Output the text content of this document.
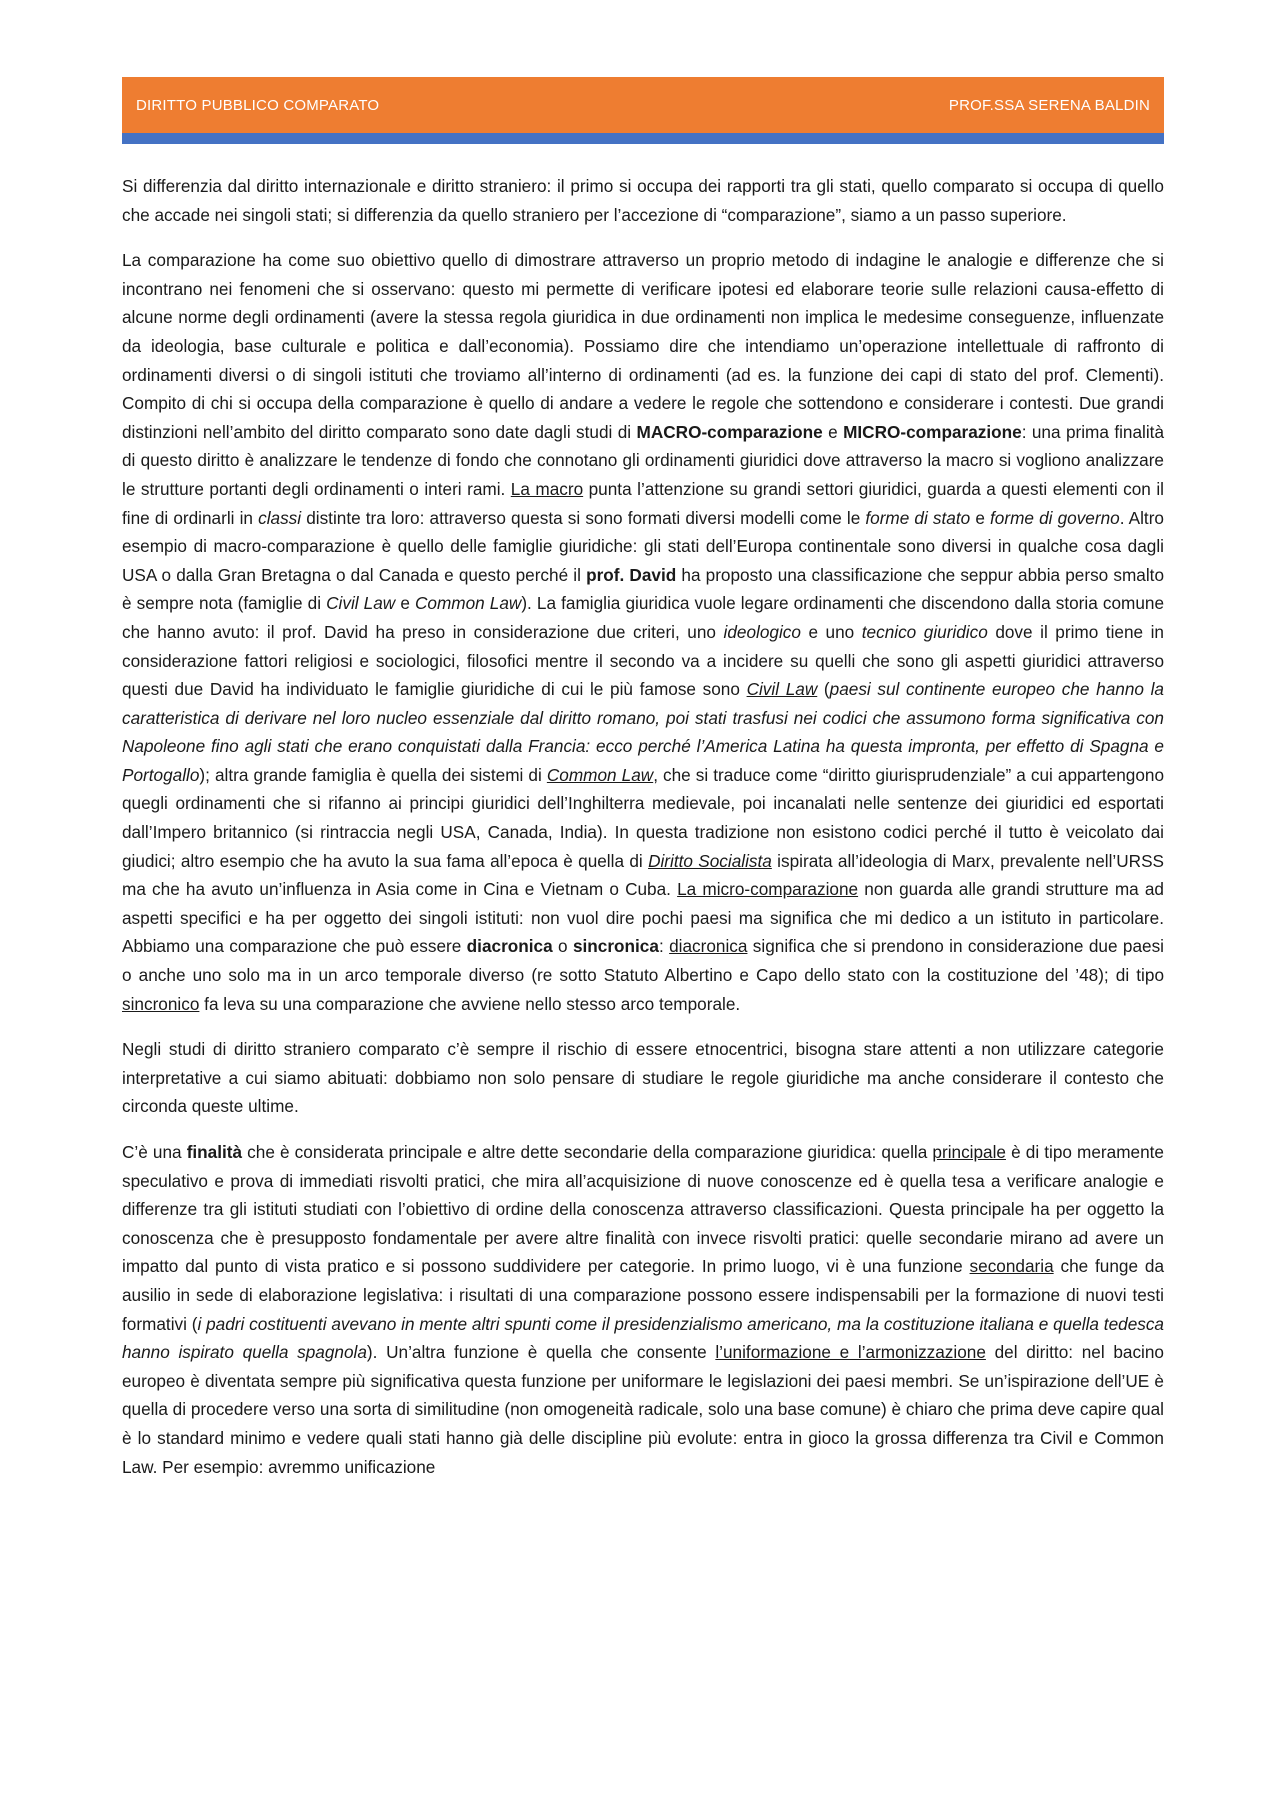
DIRITTO PUBBLICO COMPARATO	PROF.SSA SERENA BALDIN

Si differenzia dal diritto internazionale e diritto straniero: il primo si occupa dei rapporti tra gli stati, quello comparato si occupa di quello che accade nei singoli stati; si differenzia da quello straniero per l’accezione di “comparazione”, siamo a un passo superiore.

La comparazione ha come suo obiettivo quello di dimostrare attraverso un proprio metodo di indagine le analogie e differenze che si incontrano nei fenomeni che si osservano: questo mi permette di verificare ipotesi ed elaborare teorie sulle relazioni causa-effetto di alcune norme degli ordinamenti (avere la stessa regola giuridica in due ordinamenti non implica le medesime conseguenze, influenzate da ideologia, base culturale e politica e dall’economia). Possiamo dire che intendiamo un’operazione intellettuale di raffronto di ordinamenti diversi o di singoli istituti che troviamo all’interno di ordinamenti (ad es. la funzione dei capi di stato del prof. Clementi). Compito di chi si occupa della comparazione è quello di andare a vedere le regole che sottendono e considerare i contesti. Due grandi distinzioni nell’ambito del diritto comparato sono date dagli studi di MACRO-comparazione e MICRO-comparazione: una prima finalità di questo diritto è analizzare le tendenze di fondo che connotano gli ordinamenti giuridici dove attraverso la macro si vogliono analizzare le strutture portanti degli ordinamenti o interi rami. La macro punta l’attenzione su grandi settori giuridici, guarda a questi elementi con il fine di ordinarli in classi distinte tra loro: attraverso questa si sono formati diversi modelli come le forme di stato e forme di governo. Altro esempio di macro-comparazione è quello delle famiglie giuridiche: gli stati dell’Europa continentale sono diversi in qualche cosa dagli USA o dalla Gran Bretagna o dal Canada e questo perché il prof. David ha proposto una classificazione che seppur abbia perso smalto è sempre nota (famiglie di Civil Law e Common Law). La famiglia giuridica vuole legare ordinamenti che discendono dalla storia comune che hanno avuto: il prof. David ha preso in considerazione due criteri, uno ideologico e uno tecnico giuridico dove il primo tiene in considerazione fattori religiosi e sociologici, filosofici mentre il secondo va a incidere su quelli che sono gli aspetti giuridici attraverso questi due David ha individuato le famiglie giuridiche di cui le più famose sono Civil Law (paesi sul continente europeo che hanno la caratteristica di derivare nel loro nucleo essenziale dal diritto romano, poi stati trasfusi nei codici che assumono forma significativa con Napoleone fino agli stati che erano conquistati dalla Francia: ecco perché l’America Latina ha questa impronta, per effetto di Spagna e Portogallo); altra grande famiglia è quella dei sistemi di Common Law, che si traduce come “diritto giurisprudenziale” a cui appartengono quegli ordinamenti che si rifanno ai principi giuridici dell’Inghilterra medievale, poi incanalati nelle sentenze dei giuridici ed esportati dall’Impero britannico (si rintraccia negli USA, Canada, India). In questa tradizione non esistono codici perché il tutto è veicolato dai giudici; altro esempio che ha avuto la sua fama all’epoca è quella di Diritto Socialista ispirata all’ideologia di Marx, prevalente nell’URSS ma che ha avuto un’influenza in Asia come in Cina e Vietnam o Cuba. La micro-comparazione non guarda alle grandi strutture ma ad aspetti specifici e ha per oggetto dei singoli istituti: non vuol dire pochi paesi ma significa che mi dedico a un istituto in particolare. Abbiamo una comparazione che può essere diacronica o sincronica: diacronica significa che si prendono in considerazione due paesi o anche uno solo ma in un arco temporale diverso (re sotto Statuto Albertino e Capo dello stato con la costituzione del ’48); di tipo sincronico fa leva su una comparazione che avviene nello stesso arco temporale.

Negli studi di diritto straniero comparato c’è sempre il rischio di essere etnocentrici, bisogna stare attenti a non utilizzare categorie interpretative a cui siamo abituati: dobbiamo non solo pensare di studiare le regole giuridiche ma anche considerare il contesto che circonda queste ultime.

C’è una finalità che è considerata principale e altre dette secondarie della comparazione giuridica: quella principale è di tipo meramente speculativo e prova di immediati risvolti pratici, che mira all’acquisizione di nuove conoscenze ed è quella tesa a verificare analogie e differenze tra gli istituti studiati con l’obiettivo di ordine della conoscenza attraverso classificazioni. Questa principale ha per oggetto la conoscenza che è presupposto fondamentale per avere altre finalità con invece risvolti pratici: quelle secondarie mirano ad avere un impatto dal punto di vista pratico e si possono suddividere per categorie. In primo luogo, vi è una funzione secondaria che funge da ausilio in sede di elaborazione legislativa: i risultati di una comparazione possono essere indispensabili per la formazione di nuovi testi formativi (i padri costituenti avevano in mente altri spunti come il presidenzialismo americano, ma la costituzione italiana e quella tedesca hanno ispirato quella spagnola). Un’altra funzione è quella che consente l’uniformazione e l’armonizzazione del diritto: nel bacino europeo è diventata sempre più significativa questa funzione per uniformare le legislazioni dei paesi membri. Se un’ispirazione dell’UE è quella di procedere verso una sorta di similitudine (non omogeneità radicale, solo una base comune) è chiaro che prima deve capire qual è lo standard minimo e vedere quali stati hanno già delle discipline più evolute: entra in gioco la grossa differenza tra Civil e Common Law. Per esempio: avremmo unificazione
